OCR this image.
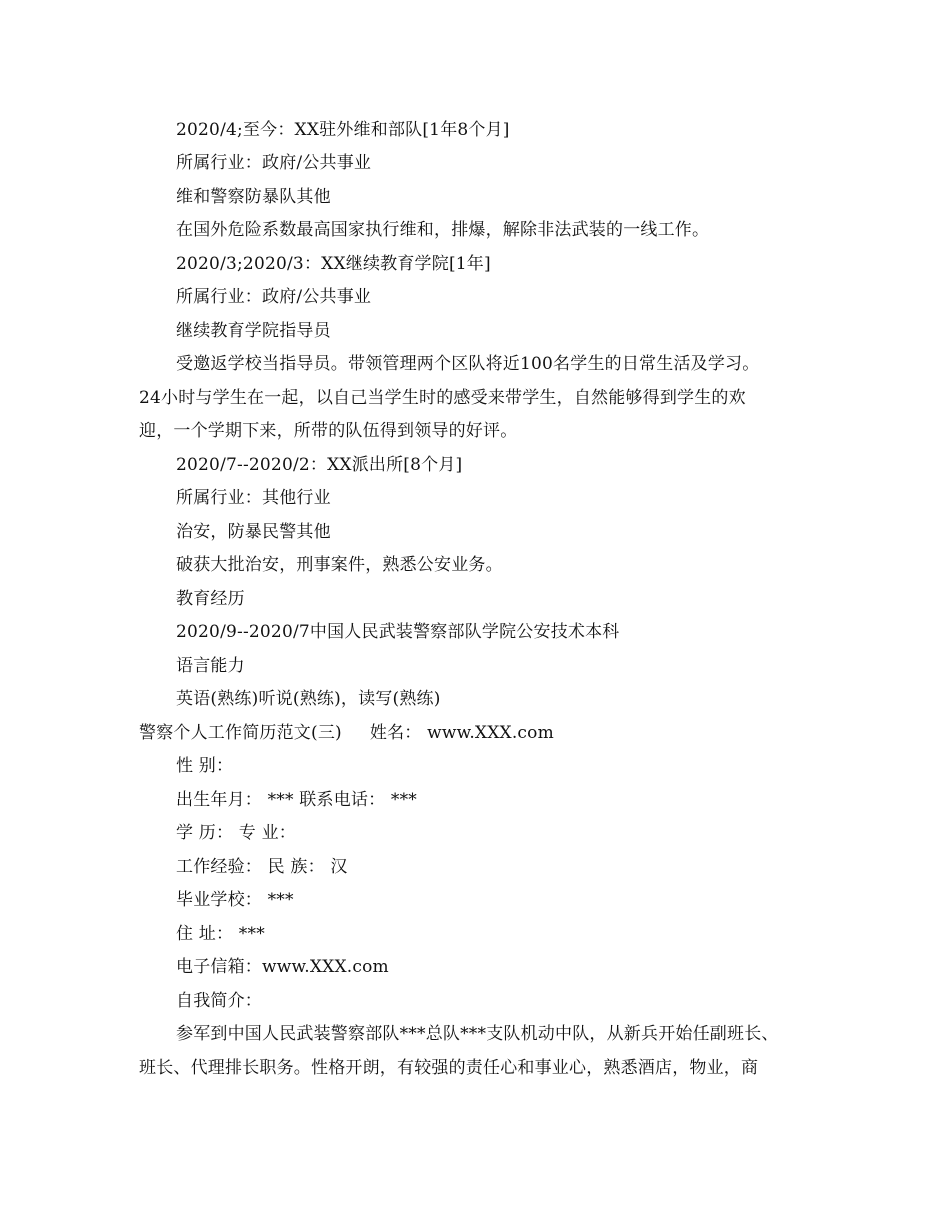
2020/4;至今：XX驻外维和部队[1年8个月]
所属行业：政府/公共事业
维和警察防暴队其他
在国外危险系数最高国家执行维和，排爆，解除非法武装的一线工作。
2020/3;2020/3：XX继续教育学院[1年]
所属行业：政府/公共事业
继续教育学院指导员
受邀返学校当指导员。带领管理两个区队将近100名学生的日常生活及学习。
24小时与学生在一起，以自己当学生时的感受来带学生，自然能够得到学生的欢
迎，一个学期下来，所带的队伍得到领导的好评。
2020/7--2020/2：XX派出所[8个月]
所属行业：其他行业
治安，防暴民警其他
破获大批治安，刑事案件，熟悉公安业务。
教育经历
2020/9--2020/7中国人民武装警察部队学院公安技术本科
语言能力
英语(熟练)听说(熟练)，读写(熟练)
警察个人工作简历范文(三) 姓名： www.XXX.com
性 别：
出生年月： *** 联系电话： ***
学 历： 专 业：
工作经验： 民 族： 汉
毕业学校： ***
住 址： ***
电子信箱：www.XXX.com
自我简介：
参军到中国人民武装警察部队***总队***支队机动中队，从新兵开始任副班长、
班长、代理排长职务。性格开朗，有较强的责任心和事业心，熟悉酒店，物业，商
